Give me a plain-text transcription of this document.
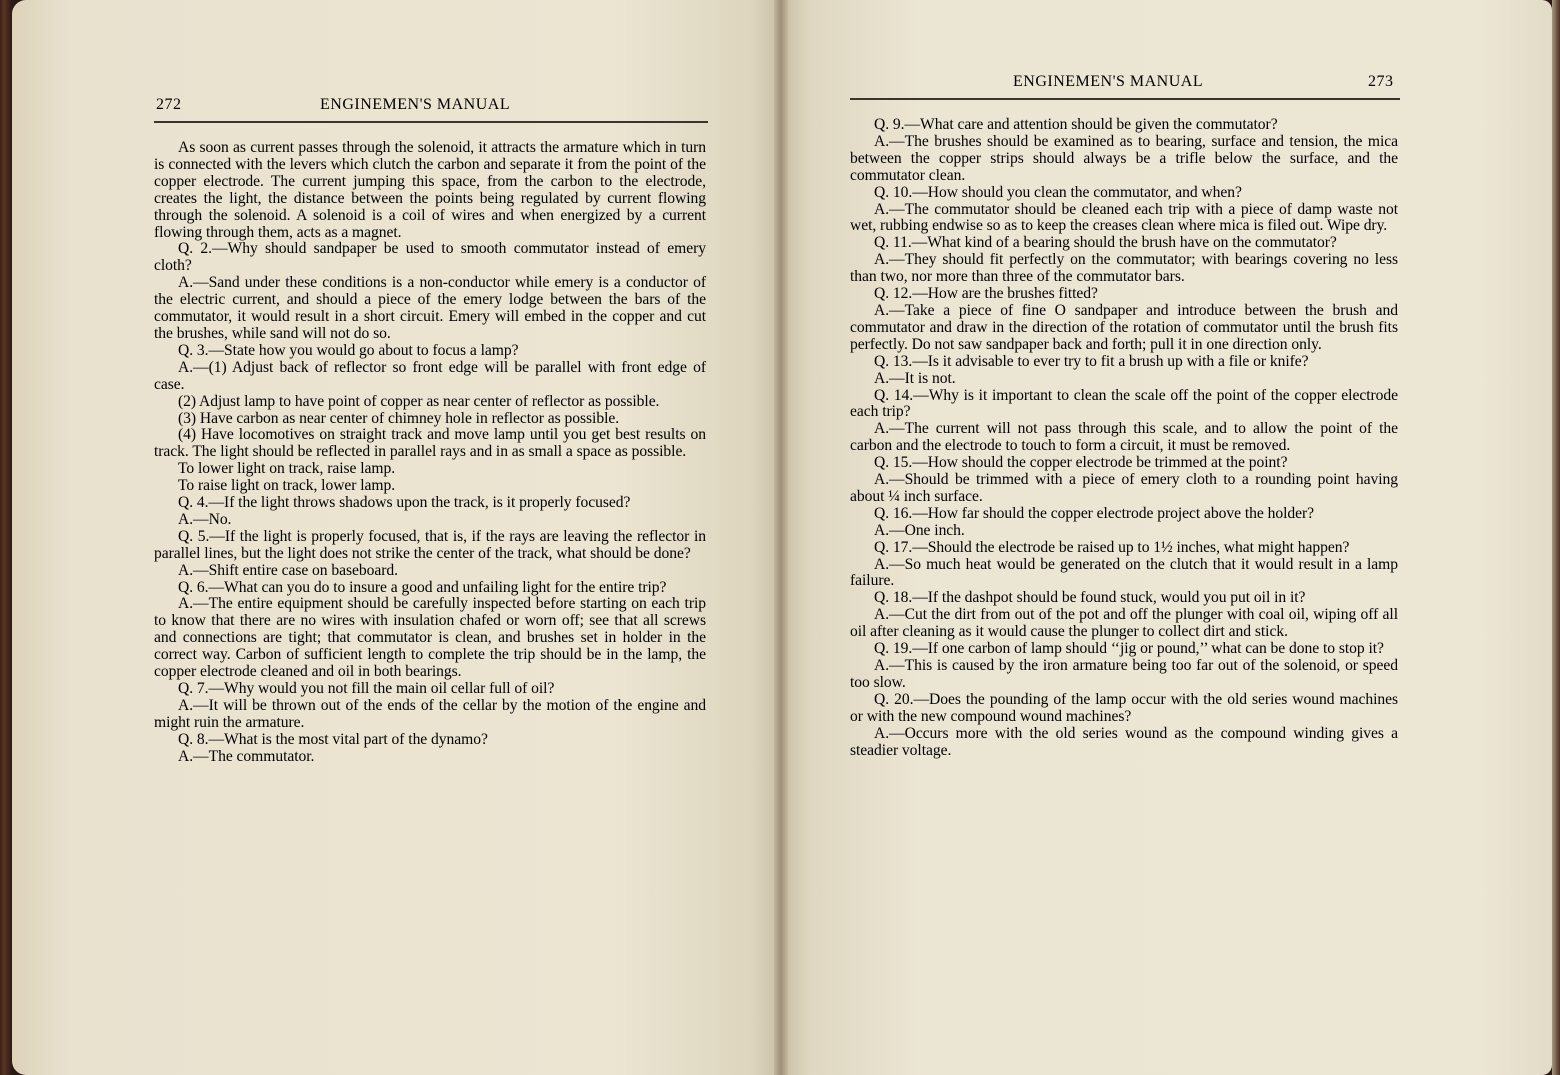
272	ENGINEMEN'S MANUAL

As soon as current passes through the solenoid, it attracts the armature which in turn is connected with the levers which clutch the carbon and separate it from the point of the copper electrode. The current jumping this space, from the carbon to the electrode, creates the light, the distance between the points being regulated by current flowing through the solenoid. A solenoid is a coil of wires and when energized by a current flowing through them, acts as a magnet.

Q. 2.—Why should sandpaper be used to smooth commutator instead of emery cloth?

A.—Sand under these conditions is a non-conductor while emery is a conductor of the electric current, and should a piece of the emery lodge between the bars of the commutator, it would result in a short circuit. Emery will embed in the copper and cut the brushes, while sand will not do so.

Q. 3.—State how you would go about to focus a lamp?

A.—(1) Adjust back of reflector so front edge will be parallel with front edge of case.

(2) Adjust lamp to have point of copper as near center of reflector as possible.

(3) Have carbon as near center of chimney hole in reflector as possible.

(4) Have locomotives on straight track and move lamp until you get best results on track. The light should be reflected in parallel rays and in as small a space as possible.

To lower light on track, raise lamp.

To raise light on track, lower lamp.

Q. 4.—If the light throws shadows upon the track, is it properly focused?

A.—No.

Q. 5.—If the light is properly focused, that is, if the rays are leaving the reflector in parallel lines, but the light does not strike the center of the track, what should be done?

A.—Shift entire case on baseboard.

Q. 6.—What can you do to insure a good and unfailing light for the entire trip?

A.—The entire equipment should be carefully inspected before starting on each trip to know that there are no wires with insulation chafed or worn off; see that all screws and connections are tight; that commutator is clean, and brushes set in holder in the correct way. Carbon of sufficient length to complete the trip should be in the lamp, the copper electrode cleaned and oil in both bearings.

Q. 7.—Why would you not fill the main oil cellar full of oil?

A.—It will be thrown out of the ends of the cellar by the motion of the engine and might ruin the armature.

Q. 8.—What is the most vital part of the dynamo?

A.—The commutator.

ENGINEMEN'S MANUAL	273

Q. 9.—What care and attention should be given the commutator?

A.—The brushes should be examined as to bearing, surface and tension, the mica between the copper strips should always be a trifle below the surface, and the commutator clean.

Q. 10.—How should you clean the commutator, and when?

A.—The commutator should be cleaned each trip with a piece of damp waste not wet, rubbing endwise so as to keep the creases clean where mica is filed out. Wipe dry.

Q. 11.—What kind of a bearing should the brush have on the commutator?

A.—They should fit perfectly on the commutator; with bearings covering no less than two, nor more than three of the commutator bars.

Q. 12.—How are the brushes fitted?

A.—Take a piece of fine O sandpaper and introduce between the brush and commutator and draw in the direction of the rotation of commutator until the brush fits perfectly. Do not saw sandpaper back and forth; pull it in one direction only.

Q. 13.—Is it advisable to ever try to fit a brush up with a file or knife?

A.—It is not.

Q. 14.—Why is it important to clean the scale off the point of the copper electrode each trip?

A.—The current will not pass through this scale, and to allow the point of the carbon and the electrode to touch to form a circuit, it must be removed.

Q. 15.—How should the copper electrode be trimmed at the point?

A.—Should be trimmed with a piece of emery cloth to a rounding point having about ¼ inch surface.

Q. 16.—How far should the copper electrode project above the holder?

A.—One inch.

Q. 17.—Should the electrode be raised up to 1½ inches, what might happen?

A.—So much heat would be generated on the clutch that it would result in a lamp failure.

Q. 18.—If the dashpot should be found stuck, would you put oil in it?

A.—Cut the dirt from out of the pot and off the plunger with coal oil, wiping off all oil after cleaning as it would cause the plunger to collect dirt and stick.

Q. 19.—If one carbon of lamp should ‘‘jig or pound,’’ what can be done to stop it?

A.—This is caused by the iron armature being too far out of the solenoid, or speed too slow.

Q. 20.—Does the pounding of the lamp occur with the old series wound machines or with the new compound wound machines?

A.—Occurs more with the old series wound as the compound winding gives a steadier voltage.
